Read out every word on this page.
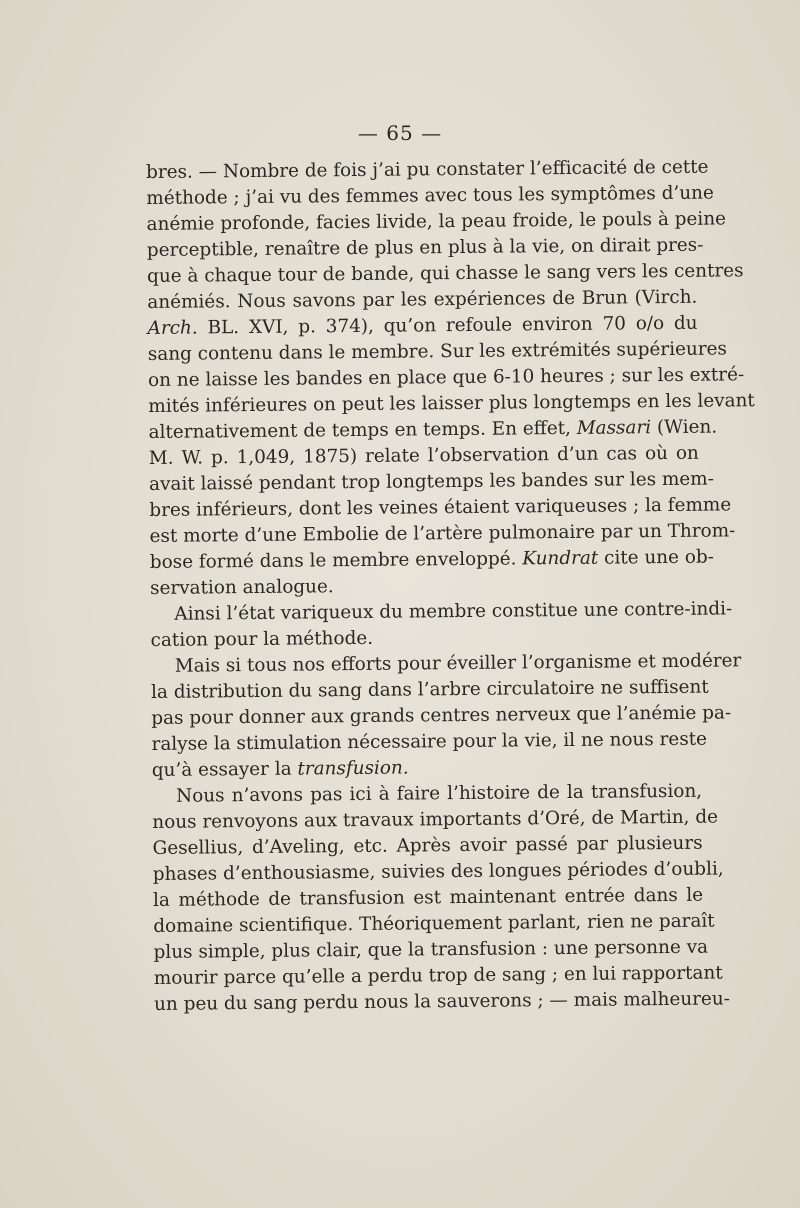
— 65 —
bres. — Nombre de fois j’ai pu constater l’efficacité de cette
méthode ; j’ai vu des femmes avec tous les symptômes d’une
anémie profonde, facies livide, la peau froide, le pouls à peine
perceptible, renaître de plus en plus à la vie, on dirait pres-
que à chaque tour de bande, qui chasse le sang vers les centres
anémiés. Nous savons par les expériences de Brun (Virch.
Arch. BL. XVI, p. 374), qu’on refoule environ 70 o/o du
sang contenu dans le membre. Sur les extrémités supérieures
on ne laisse les bandes en place que 6-10 heures ; sur les extré-
mités inférieures on peut les laisser plus longtemps en les levant
alternativement de temps en temps. En effet, Massari (Wien.
M. W. p. 1,049, 1875) relate l’observation d’un cas où on
avait laissé pendant trop longtemps les bandes sur les mem-
bres inférieurs, dont les veines étaient variqueuses ; la femme
est morte d’une Embolie de l’artère pulmonaire par un Throm-
bose formé dans le membre enveloppé. Kundrat cite une ob-
servation analogue.
Ainsi l’état variqueux du membre constitue une contre-indi-
cation pour la méthode.
Mais si tous nos efforts pour éveiller l’organisme et modérer
la distribution du sang dans l’arbre circulatoire ne suffisent
pas pour donner aux grands centres nerveux que l’anémie pa-
ralyse la stimulation nécessaire pour la vie, il ne nous reste
qu’à essayer la transfusion.
Nous n’avons pas ici à faire l’histoire de la transfusion,
nous renvoyons aux travaux importants d’Oré, de Martin, de
Gesellius, d’Aveling, etc. Après avoir passé par plusieurs
phases d’enthousiasme, suivies des longues périodes d’oubli,
la méthode de transfusion est maintenant entrée dans le
domaine scientifique. Théoriquement parlant, rien ne paraît
plus simple, plus clair, que la transfusion : une personne va
mourir parce qu’elle a perdu trop de sang ; en lui rapportant
un peu du sang perdu nous la sauverons ; — mais malheureu-
